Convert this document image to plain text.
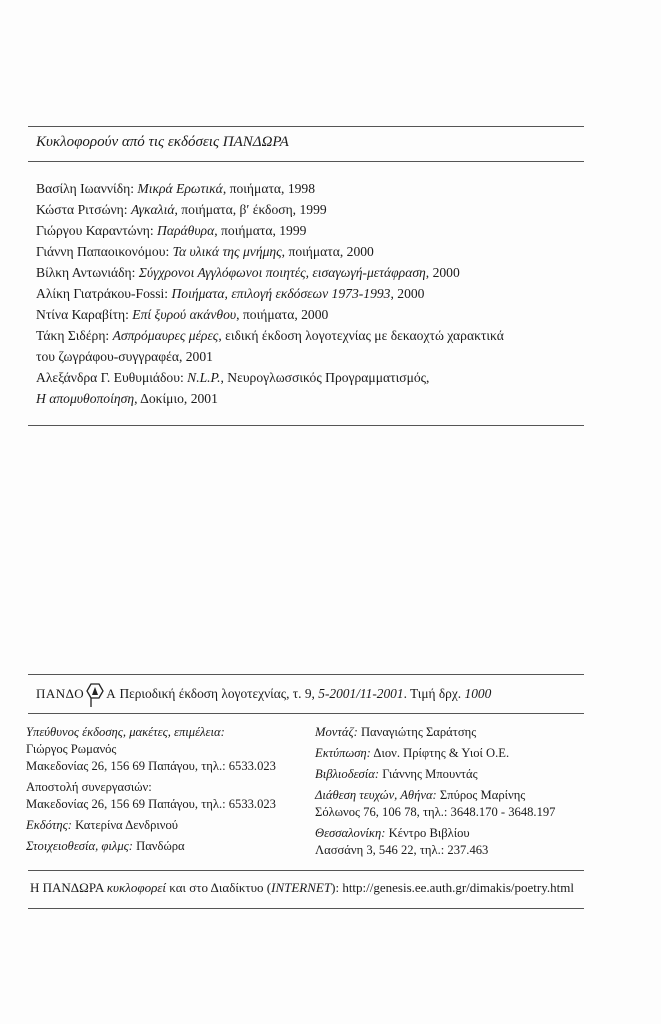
Κυκλοφορούν από τις εκδόσεις ΠΑΝΔΩΡΑ
Βασίλη Ιωαννίδη: Μικρά Ερωτικά, ποιήματα, 1998
Κώστα Ριτσώνη: Αγκαλιά, ποιήματα, β′ έκδοση, 1999
Γιώργου Καραντώνη: Παράθυρα, ποιήματα, 1999
Γιάννη Παπαοικονόμου: Τα υλικά της μνήμης, ποιήματα, 2000
Βίλκη Αντωνιάδη: Σύγχρονοι Αγγλόφωνοι ποιητές, εισαγωγή-μετάφραση, 2000
Αλίκη Γιατράκου-Fossi: Ποιήματα, επιλογή εκδόσεων 1973-1993, 2000
Ντίνα Καραβίτη: Επί ξυρού ακάνθου, ποιήματα, 2000
Τάκη Σιδέρη: Ασπρόμαυρες μέρες, ειδική έκδοση λογοτεχνίας με δεκαοχτώ χαρακτικά
του ζωγράφου-συγγραφέα, 2001
Αλεξάνδρα Γ. Ευθυμιάδου: N.L.P., Νευρογλωσσικός Προγραμματισμός,
Η απομυθοποίηση, Δοκίμιο, 2001
ΠΑΝΔΟ Α Περιοδική έκδοση λογοτεχνίας, τ. 9, 5-2001/11-2001. Τιμή δρχ. 1000
Υπεύθυνος έκδοσης, μακέτες, επιμέλεια:
Γιώργος Ρωμανός
Μακεδονίας 26, 156 69 Παπάγου, τηλ.: 6533.023
Αποστολή συνεργασιών:
Μακεδονίας 26, 156 69 Παπάγου, τηλ.: 6533.023
Εκδότης: Κατερίνα Δενδρινού
Στοιχειοθεσία, φιλμς: Πανδώρα
Μοντάζ: Παναγιώτης Σαράτσης
Εκτύπωση: Διον. Πρίφτης & Υιοί Ο.Ε.
Βιβλιοδεσία: Γιάννης Μπουντάς
Διάθεση τευχών, Αθήνα: Σπύρος Μαρίνης
Σόλωνος 76, 106 78, τηλ.: 3648.170 - 3648.197
Θεσσαλονίκη: Κέντρο Βιβλίου
Λασσάνη 3, 546 22, τηλ.: 237.463
Η ΠΑΝΔΩΡΑ κυκλοφορεί και στο Διαδίκτυο (INTERNET): http://genesis.ee.auth.gr/dimakis/poetry.html
